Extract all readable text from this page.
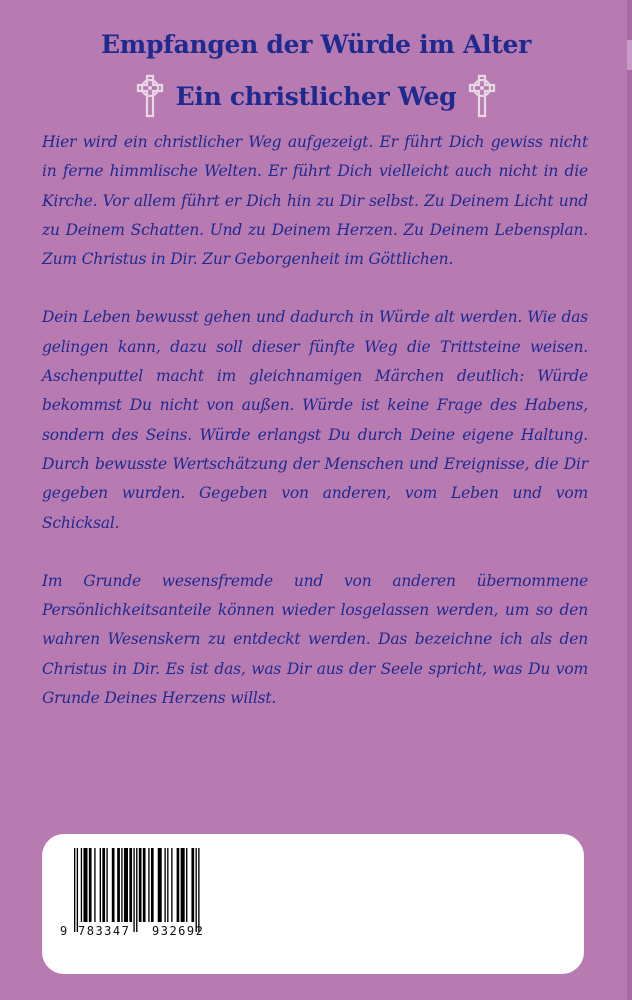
Empfangen der Würde im Alter
Ein christlicher Weg

Hier wird ein christlicher Weg aufgezeigt. Er führt Dich gewiss nicht in ferne himmlische Welten. Er führt Dich vielleicht auch nicht in die Kirche. Vor allem führt er Dich hin zu Dir selbst. Zu Deinem Licht und zu Deinem Schatten. Und zu Deinem Herzen. Zu Deinem Lebensplan. Zum Christus in Dir. Zur Geborgenheit im Göttlichen.

Dein Leben bewusst gehen und dadurch in Würde alt werden. Wie das gelingen kann, dazu soll dieser fünfte Weg die Trittsteine weisen. Aschenputtel macht im gleichnamigen Märchen deutlich: Würde bekommst Du nicht von außen. Würde ist keine Frage des Habens, sondern des Seins. Würde erlangst Du durch Deine eigene Haltung. Durch bewusste Wertschätzung der Menschen und Ereignisse, die Dir gegeben wurden. Gegeben von anderen, vom Leben und vom Schicksal.

Im Grunde wesensfremde und von anderen übernommene Persönlichkeitsanteile können wieder losgelassen werden, um so den wahren Wesenskern zu entdeckt werden. Das bezeichne ich als den Christus in Dir. Es ist das, was Dir aus der Seele spricht, was Du vom Grunde Deines Herzens willst.

9 783347 932692
